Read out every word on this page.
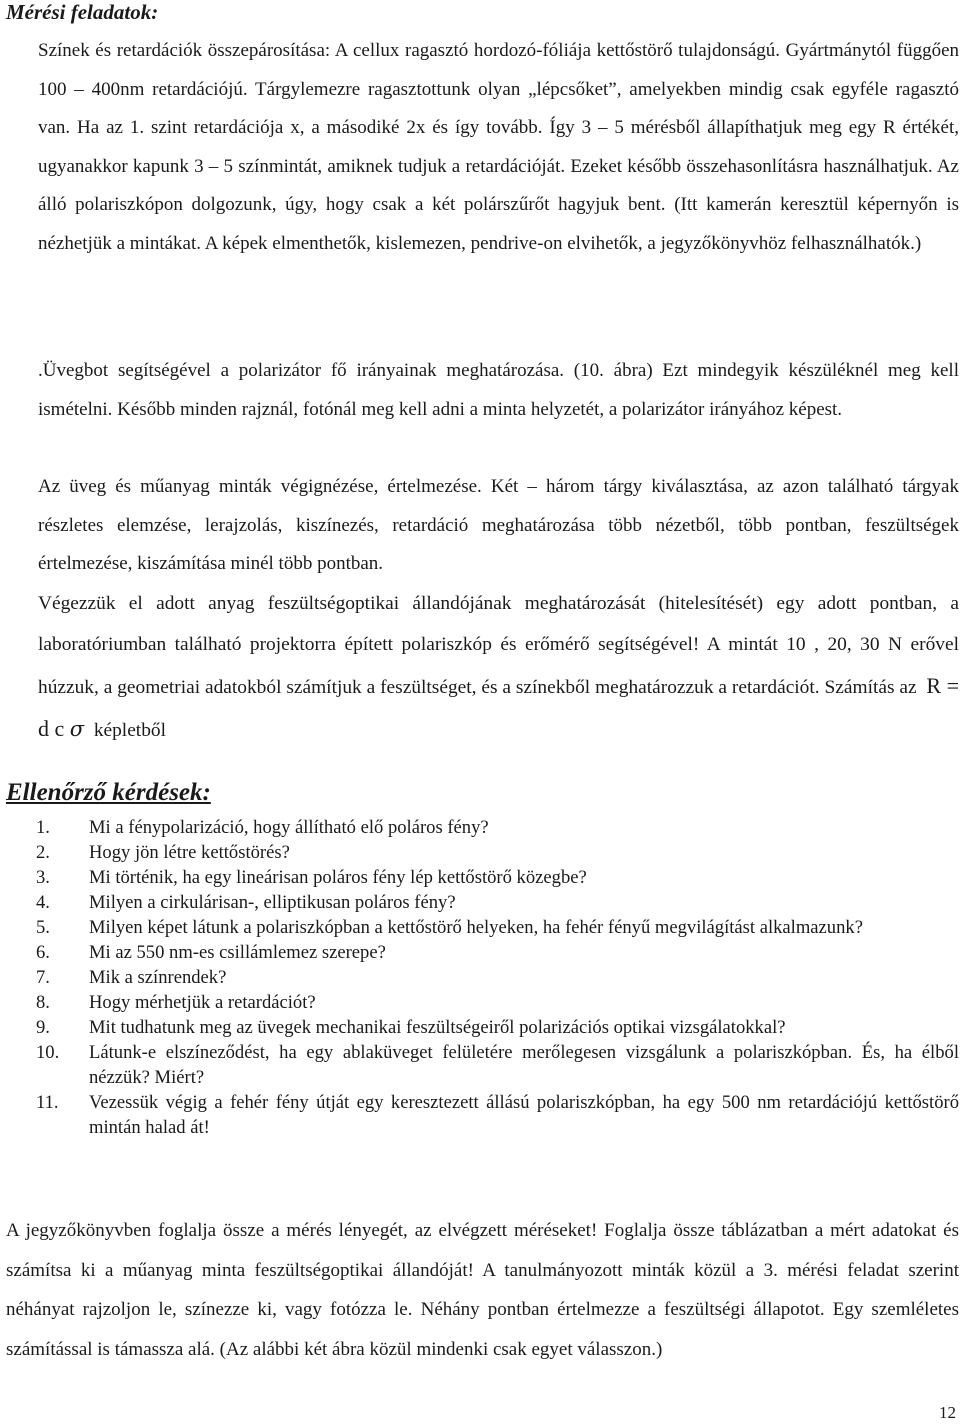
Mérési feladatok:
Színek és retardációk összepárosítása: A cellux ragasztó hordozó-fóliája kettőstörő tulajdonságú. Gyártmánytól függően 100 – 400nm retardációjú. Tárgylemezre ragasztottunk olyan „lépcsőket”, amelyekben mindig csak egyféle ragasztó van. Ha az 1. szint retardációja x, a másodiké 2x és így tovább. Így 3 – 5 mérésből állapíthatjuk meg egy R értékét, ugyanakkor kapunk 3 – 5 színmintát, amiknek tudjuk a retardációját. Ezeket később összehasonlításra használhatjuk. Az álló polariszkópon dolgozunk, úgy, hogy csak a két polárszűrőt hagyjuk bent. (Itt kamerán keresztül képernyőn is nézhetjük a mintákat. A képek elmenthetők, kislemezen, pendrive-on elvihetők, a jegyzőkönyvhöz felhasználhatók.)
.Üvegbot segítségével a polarizátor fő irányainak meghatározása. (10. ábra) Ezt mindegyik készüléknél meg kell ismételni. Később minden rajznál, fotónál meg kell adni a minta helyzetét, a polarizátor irányához képest.
Az üveg és műanyag minták végignézése, értelmezése. Két – három tárgy kiválasztása, az azon található tárgyak részletes elemzése, lerajzolás, kiszínezés, retardáció meghatározása több nézetből, több pontban, feszültségek értelmezése, kiszámítása minél több pontban.
Végezzük el adott anyag feszültségoptikai állandójának meghatározását (hitelesítését) egy adott pontban, a laboratóriumban található projektorra épített polariszkóp és erőmérő segítségével! A mintát 10 , 20, 30 N erővel húzzuk, a geometriai adatokból számítjuk a feszültséget, és a színekből meghatározzuk a retardációt. Számítás az R = d c σ képletből
Ellenőrző kérdések:
1. Mi a fénypolarizáció, hogy állítható elő poláros fény?
2. Hogy jön létre kettőstörés?
3. Mi történik, ha egy lineárisan poláros fény lép kettőstörő közegbe?
4. Milyen a cirkulárisan-, elliptikusan poláros fény?
5. Milyen képet látunk a polariszkópban a kettőstörő helyeken, ha fehér fényű megvilágítást alkalmazunk?
6. Mi az 550 nm-es csillámlemez szerepe?
7. Mik a színrendek?
8. Hogy mérhetjük a retardációt?
9. Mit tudhatunk meg az üvegek mechanikai feszültségeiről polarizációs optikai vizsgálatokkal?
10. Látunk-e elszíneződést, ha egy ablaküveget felületére merőlegesen vizsgálunk a polariszkópban. És, ha élből nézzük? Miért?
11. Vezessük végig a fehér fény útját egy keresztezett állású polariszkópban, ha egy 500 nm retardációjú kettőstörő mintán halad át!

A jegyzőkönyvben foglalja össze a mérés lényegét, az elvégzett méréseket! Foglalja össze táblázatban a mért adatokat és számítsa ki a műanyag minta feszültségoptikai állandóját! A tanulmányozott minták közül a 3. mérési feladat szerint néhányat rajzoljon le, színezze ki, vagy fotózza le. Néhány pontban értelmezze a feszültségi állapotot. Egy szemléletes számítással is támassza alá. (Az alábbi két ábra közül mindenki csak egyet válasszon.)

12
